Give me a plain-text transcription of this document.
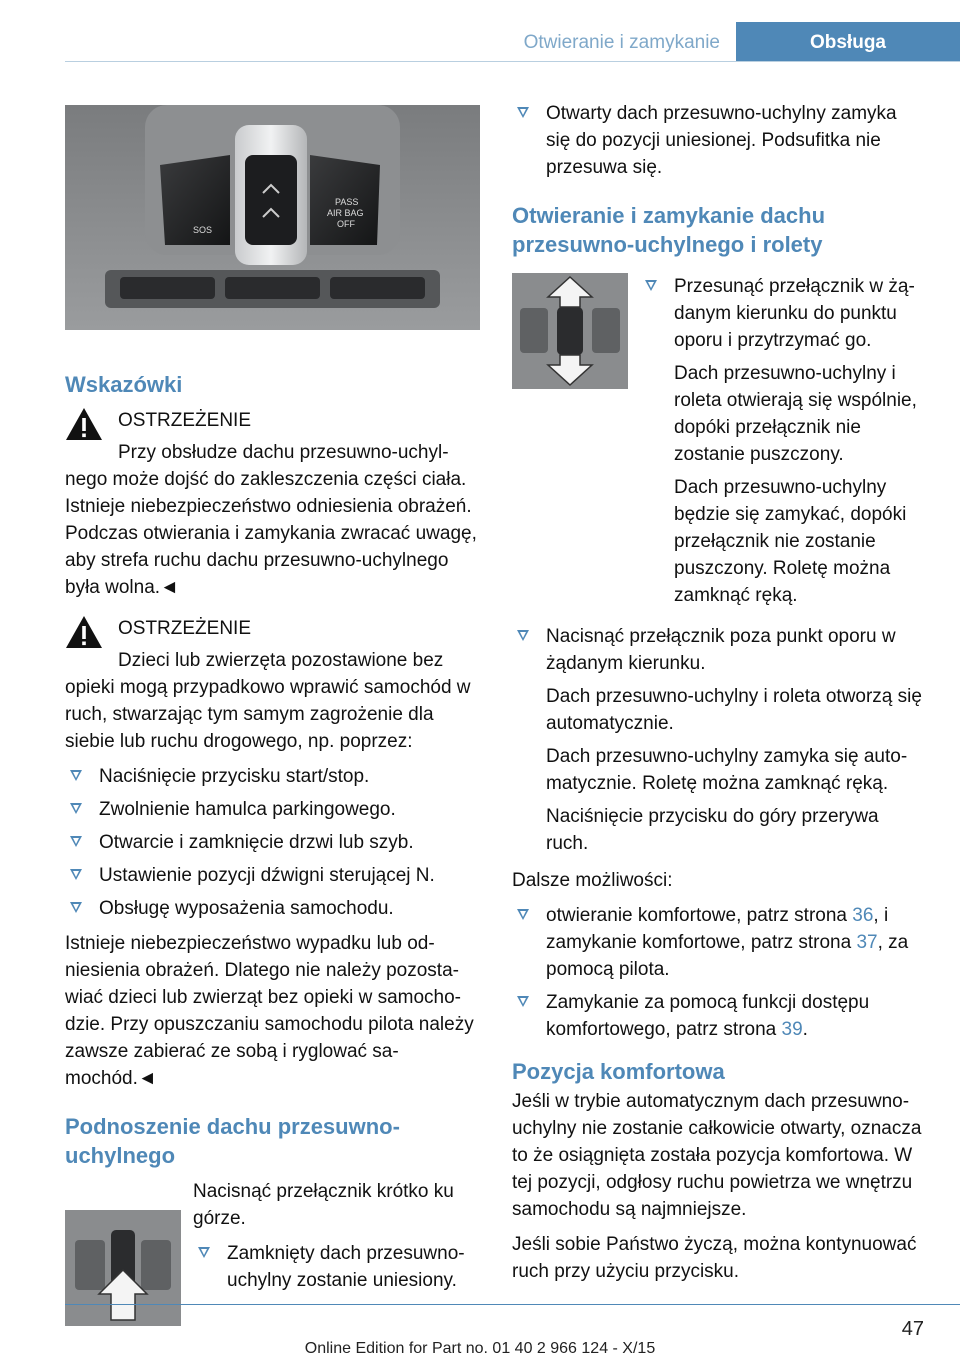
Otwieranie i zamykanie	Obsługa
SOS
PASS
AIR BAG
OFF
Wskazówki

OSTRZEŻENIE

Przy obsłudze dachu przesuwno-uchylnego może dojść do zakleszczenia części ciała. Istnieje niebezpieczeństwo odniesienia obrażeń. Podczas otwierania i zamykania zwracać uwagę, aby strefa ruchu dachu przesuwno-uchylnego była wolna.◄

OSTRZEŻENIE

Dzieci lub zwierzęta pozostawione bez opieki mogą przypadkowo wprawić samochód w ruch, stwarzając tym samym zagrożenie dla siebie lub ruchu drogowego, np. poprzez:

Naciśnięcie przycisku start/stop.
Zwolnienie hamulca parkingowego.
Otwarcie i zamknięcie drzwi lub szyb.
Ustawienie pozycji dźwigni sterującej N.
Obsługę wyposażenia samochodu.

Istnieje niebezpieczeństwo wypadku lub odniesienia obrażeń. Dlatego nie należy pozostawiać dzieci lub zwierząt bez opieki w samochodzie. Przy opuszczaniu samochodu pilota należy zawsze zabierać ze sobą i ryglować samochód.◄

Podnoszenie dachu przesuwno-uchylnego

Nacisnąć przełącznik krótko ku górze.

Zamknięty dach przesuwno-uchylny zostanie uniesiony.
Otwarty dach przesuwno-uchylny zamyka się do pozycji uniesionej. Podsufitka nie przesuwa się.
Otwieranie i zamykanie dachu przesuwno-uchylnego i rolety

Przesunąć przełącznik w żądanym kierunku do punktu oporu i przytrzymać go.

Dach przesuwno-uchylny i roleta otwierają się wspólnie, dopóki przełącznik nie zostanie puszczony.

Dach przesuwno-uchylny będzie się zamykać, dopóki przełącznik nie zostanie puszczony. Roletę można zamknąć ręką.

Nacisnąć przełącznik poza punkt oporu w żądanym kierunku.

Dach przesuwno-uchylny i roleta otworzą się automatycznie.

Dach przesuwno-uchylny zamyka się automatycznie. Roletę można zamknąć ręką.

Naciśnięcie przycisku do góry przerywa ruch.

Dalsze możliwości:

otwieranie komfortowe, patrz strona 36, i zamykanie komfortowe, patrz strona 37, za pomocą pilota.
Zamykanie za pomocą funkcji dostępu komfortowego, patrz strona 39.
Pozycja komfortowa

Jeśli w trybie automatycznym dach przesuwno-uchylny nie zostanie całkowicie otwarty, oznacza to że osiągnięta została pozycja komfortowa. W tej pozycji, odgłosy ruchu powietrza we wnętrzu samochodu są najmniejsze.

Jeśli sobie Państwo życzą, można kontynuować ruch przy użyciu przycisku.

47
Online Edition for Part no. 01 40 2 966 124 - X/15
